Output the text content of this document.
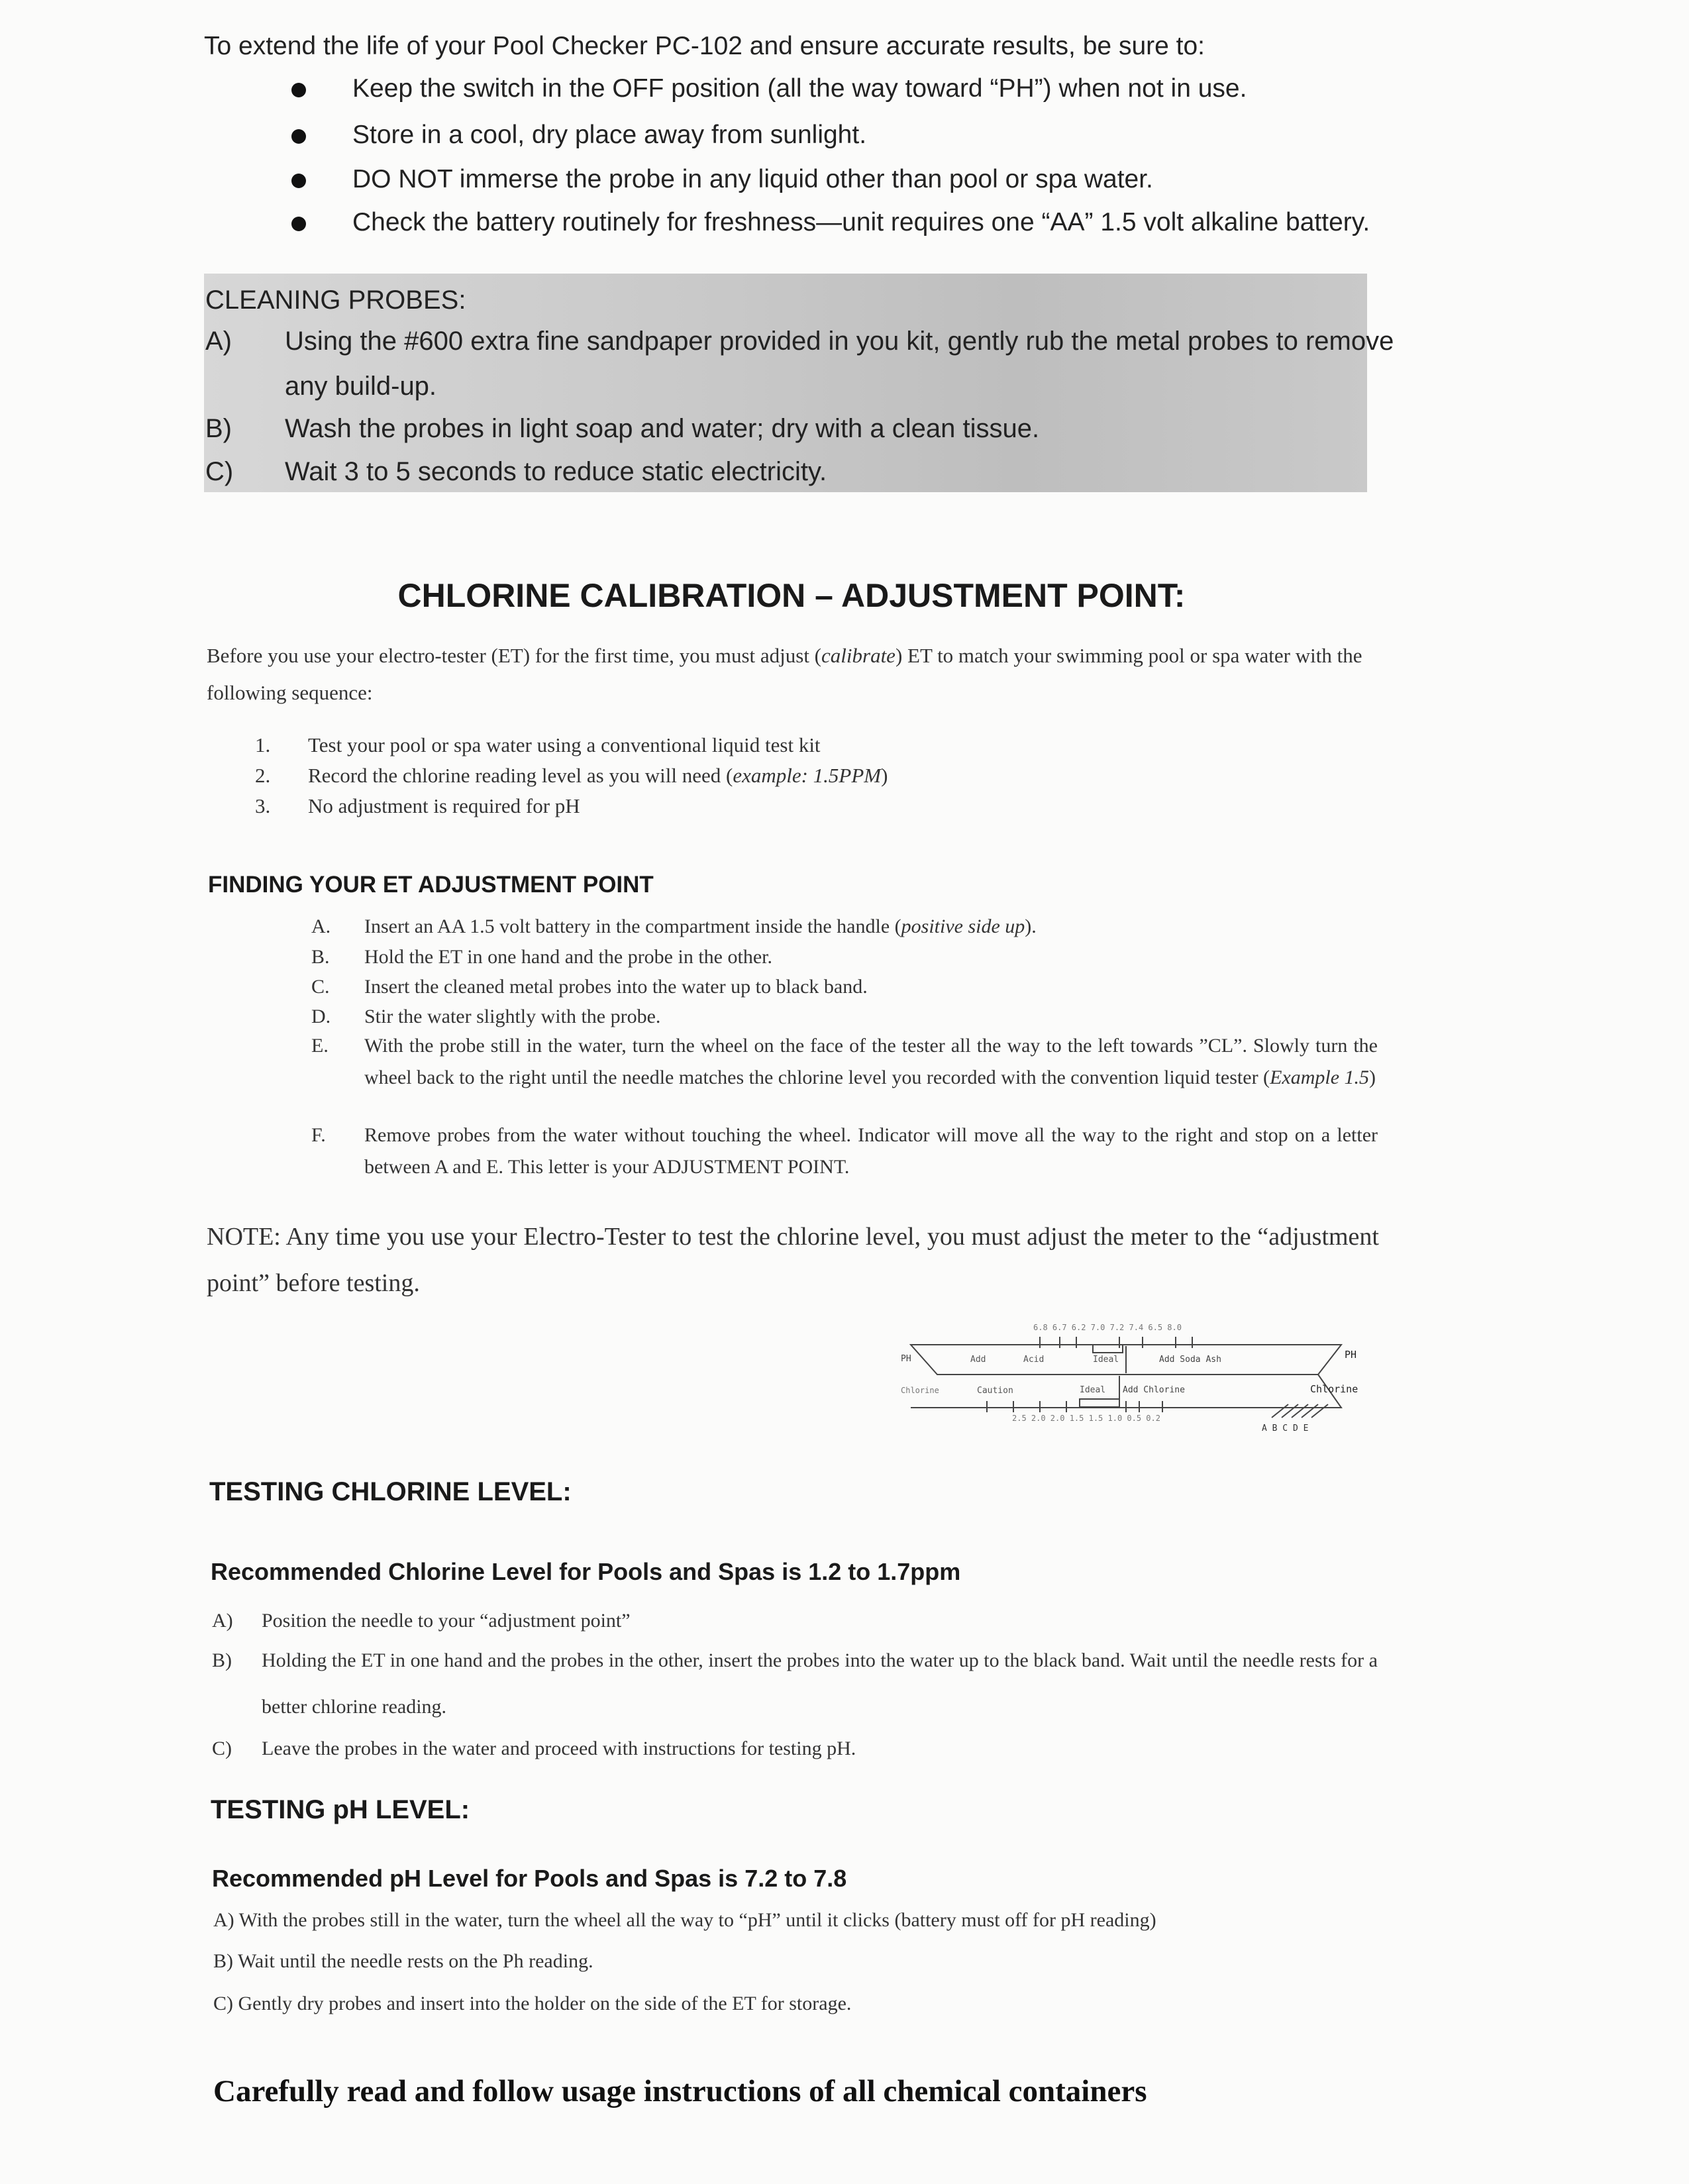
To extend the life of your Pool Checker PC-102 and ensure accurate results, be sure to:
Keep the switch in the OFF position (all the way toward “PH”) when not in use.
Store in a cool, dry place away from sunlight.
DO NOT immerse the probe in any liquid other than pool or spa water.
Check the battery routinely for freshness—unit requires one “AA” 1.5 volt alkaline battery.
CLEANING PROBES:
A) Using the #600 extra fine sandpaper provided in you kit, gently rub the metal probes to remove
any build-up.
B) Wash the probes in light soap and water; dry with a clean tissue.
C) Wait 3 to 5 seconds to reduce static electricity.
CHLORINE CALIBRATION – ADJUSTMENT POINT:
Before you use your electro-tester (ET) for the first time, you must adjust (calibrate) ET to match your swimming pool or spa water with the following sequence:
1. Test your pool or spa water using a conventional liquid test kit
2. Record the chlorine reading level as you will need (example: 1.5PPM)
3. No adjustment is required for pH
FINDING YOUR ET ADJUSTMENT POINT
A. Insert an AA 1.5 volt battery in the compartment inside the handle (positive side up).
B. Hold the ET in one hand and the probe in the other.
C. Insert the cleaned metal probes into the water up to black band.
D. Stir the water slightly with the probe.
E. With the probe still in the water, turn the wheel on the face of the tester all the way to the left towards ”CL”. Slowly turn the wheel back to the right until the needle matches the chlorine level you recorded with the convention liquid tester (Example 1.5)
F. Remove probes from the water without touching the wheel. Indicator will move all the way to the right and stop on a letter between A and E. This letter is your ADJUSTMENT POINT.
NOTE: Any time you use your Electro-Tester to test the chlorine level, you must adjust the meter to the “adjustment point” before testing.
6.8 6.7 6.2 7.0 7.2 7.4 6.5 8.0
PH	PH
Add	Acid	Ideal	Add Soda Ash
Chlorine	Chlorine
Caution	Ideal Add Chlorine
2.5 2.0 2.0 1.5 1.5 1.0 0.5 0.2
A B C D E
TESTING CHLORINE LEVEL:
Recommended Chlorine Level for Pools and Spas is 1.2 to 1.7ppm
A) Position the needle to your “adjustment point”
B) Holding the ET in one hand and the probes in the other, insert the probes into the water up to the black band. Wait until the needle rests for a better chlorine reading.
C) Leave the probes in the water and proceed with instructions for testing pH.
TESTING pH LEVEL:
Recommended pH Level for Pools and Spas is 7.2 to 7.8
A) With the probes still in the water, turn the wheel all the way to “pH” until it clicks (battery must off for pH reading)
B) Wait until the needle rests on the Ph reading.
C) Gently dry probes and insert into the holder on the side of the ET for storage.
Carefully read and follow usage instructions of all chemical containers
